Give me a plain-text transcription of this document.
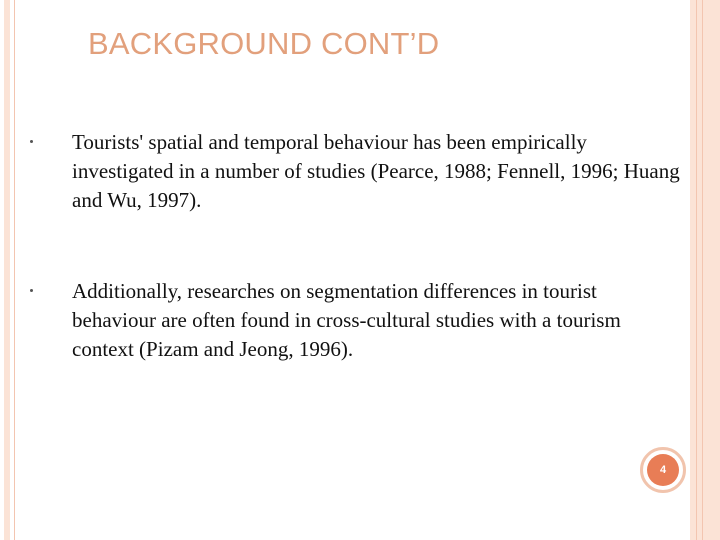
BACKGROUND CONT’D
Tourists' spatial and temporal behaviour has been empirically investigated in a number of studies (Pearce, 1988; Fennell, 1996; Huang and Wu, 1997).
Additionally, researches on segmentation differences in tourist behaviour are often found in cross-cultural studies with a tourism context (Pizam and Jeong, 1996).
4
